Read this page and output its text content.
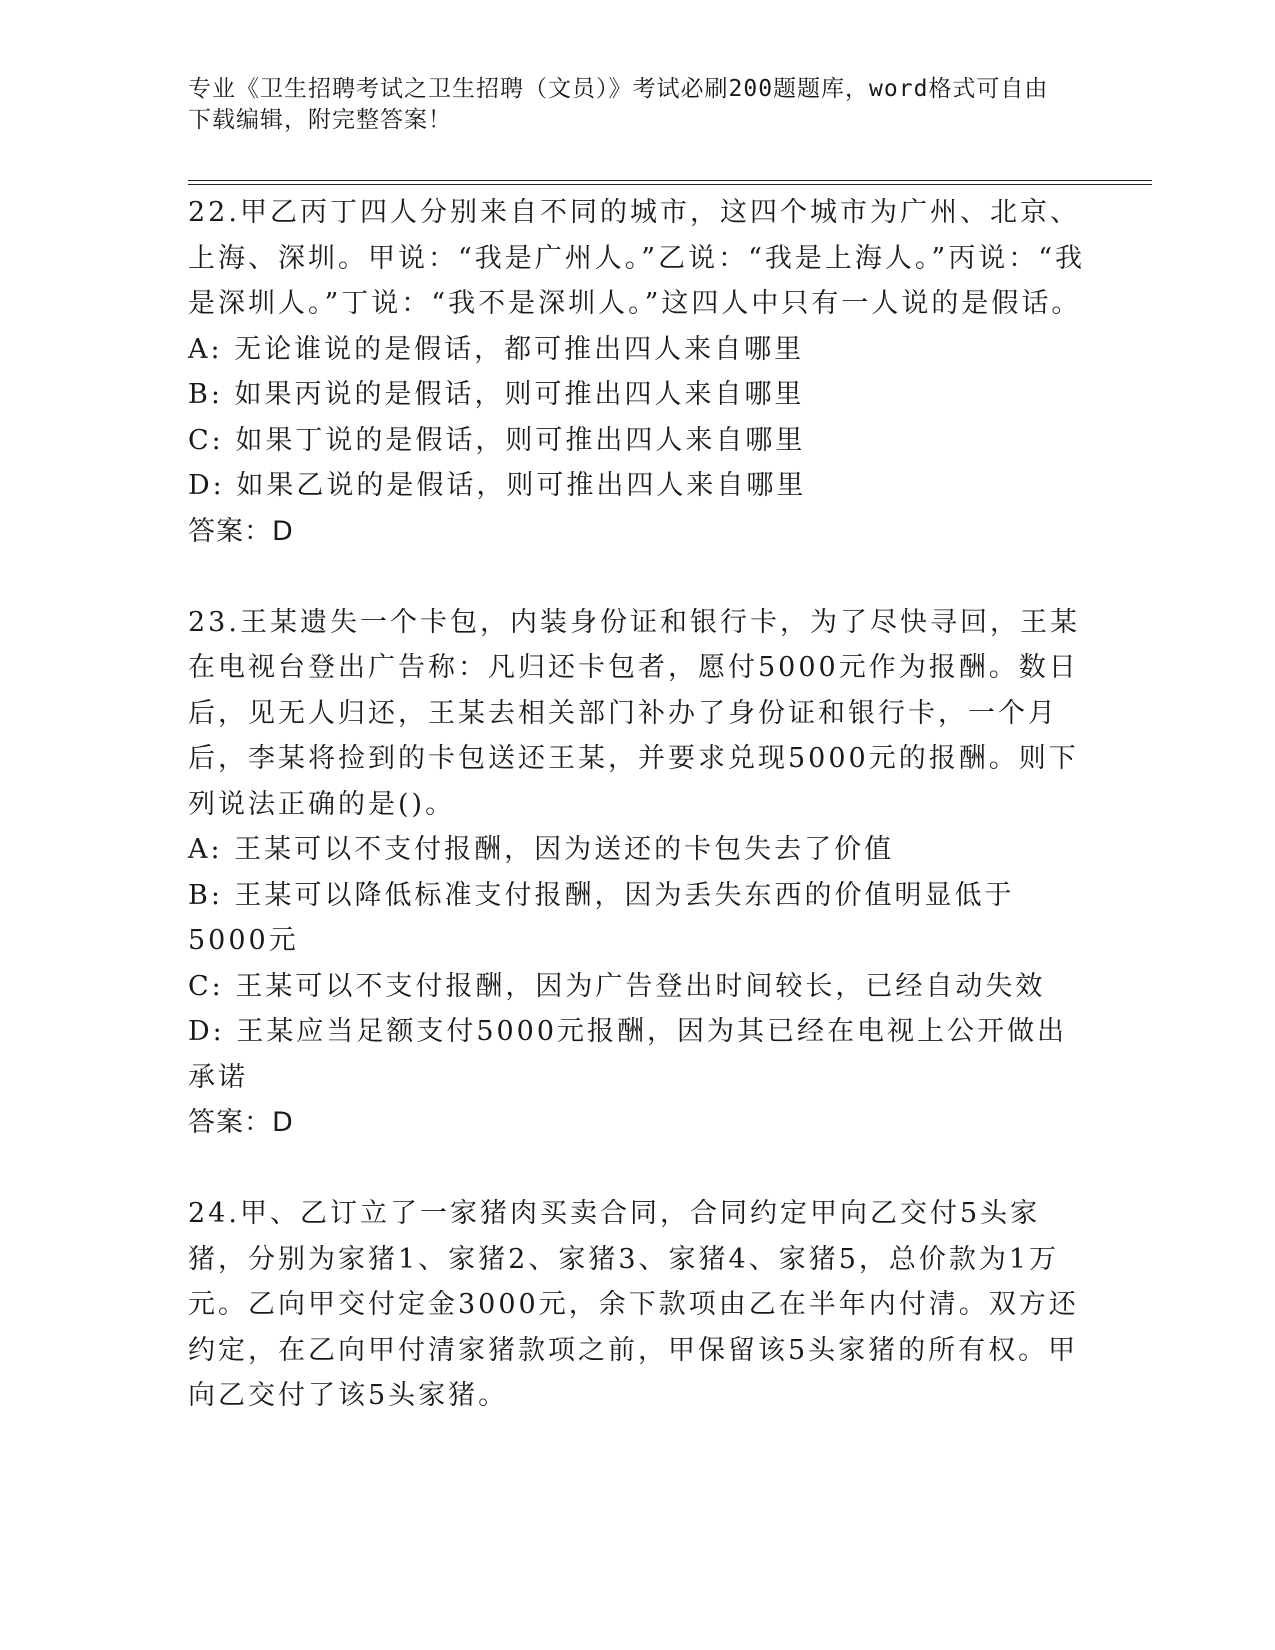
专业《卫生招聘考试之卫生招聘（文员）》考试必刷200题题库，word格式可自由下载编辑，附完整答案！
22.甲乙丙丁四人分别来自不同的城市，这四个城市为广州、北京、上海、深圳。甲说：“我是广州人。”乙说：“我是上海人。”丙说：“我是深圳人。”丁说：“我不是深圳人。”这四人中只有一人说的是假话。
A: 无论谁说的是假话，都可推出四人来自哪里
B: 如果丙说的是假话，则可推出四人来自哪里
C: 如果丁说的是假话，则可推出四人来自哪里
D: 如果乙说的是假话，则可推出四人来自哪里
答案：D
23.王某遗失一个卡包，内装身份证和银行卡，为了尽快寻回，王某在电视台登出广告称：凡归还卡包者，愿付5000元作为报酬。数日后，见无人归还，王某去相关部门补办了身份证和银行卡，一个月后，李某将捡到的卡包送还王某，并要求兑现5000元的报酬。则下列说法正确的是()。
A: 王某可以不支付报酬，因为送还的卡包失去了价值
B: 王某可以降低标准支付报酬，因为丢失东西的价值明显低于5000元
C: 王某可以不支付报酬，因为广告登出时间较长，已经自动失效
D: 王某应当足额支付5000元报酬，因为其已经在电视上公开做出承诺
答案：D
24.甲、乙订立了一家猪肉买卖合同，合同约定甲向乙交付5头家猪，分别为家猪1、家猪2、家猪3、家猪4、家猪5，总价款为1万元。乙向甲交付定金3000元，余下款项由乙在半年内付清。双方还约定，在乙向甲付清家猪款项之前，甲保留该5头家猪的所有权。甲向乙交付了该5头家猪。
